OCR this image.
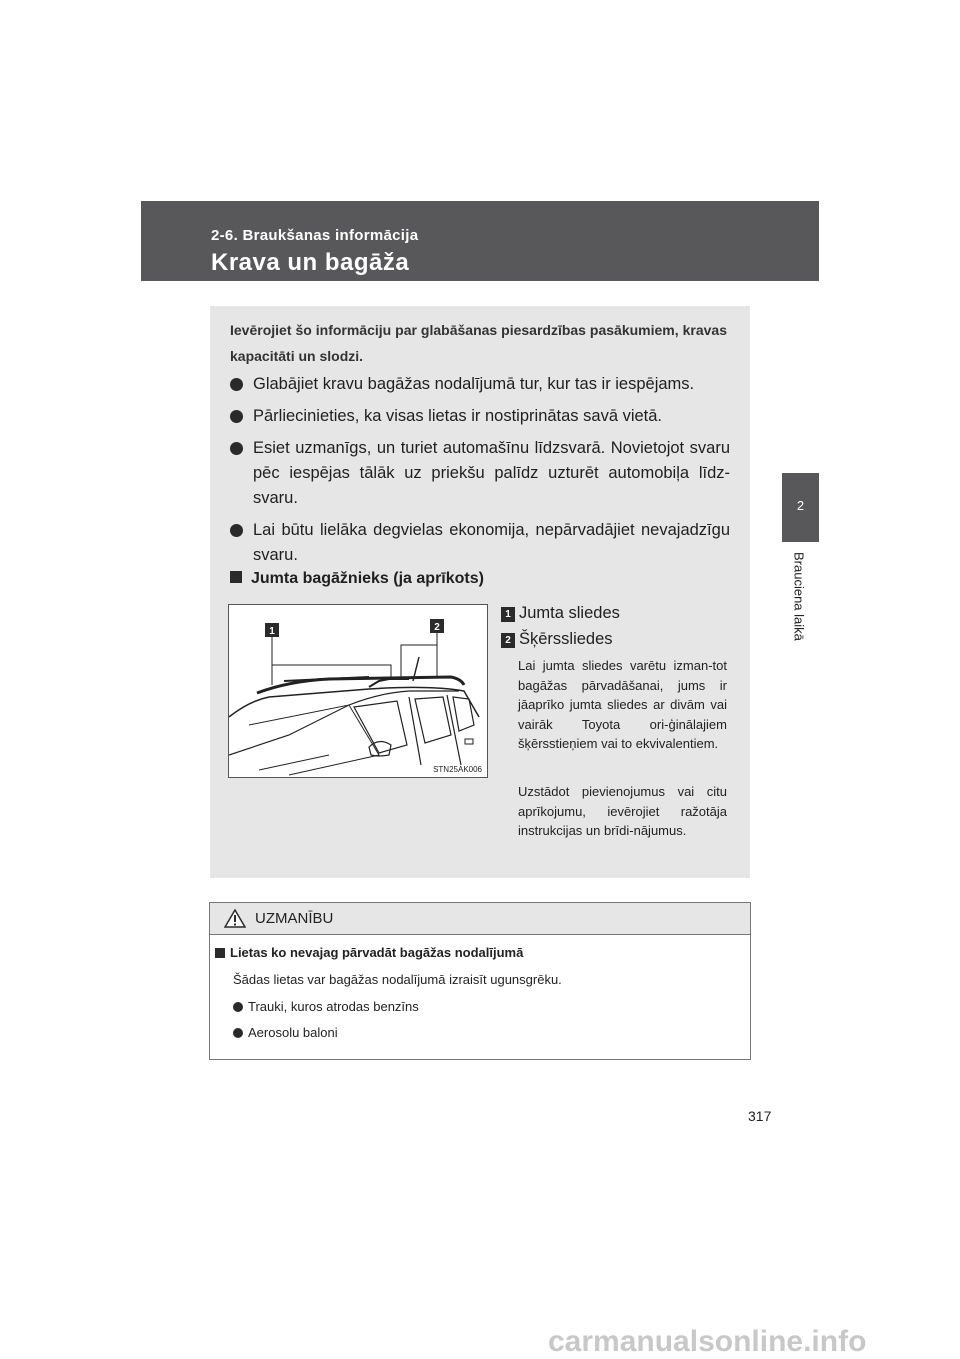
2-6. Braukšanas informācija
Krava un bagāža
2
Brauciena laikā
Ievērojiet šo informāciju par glabāšanas piesardzības pasākumiem, kravas kapacitāti un slodzi.
Glabājiet kravu bagāžas nodalījumā tur, kur tas ir iespējams.
Pārliecinieties, ka visas lietas ir nostiprinātas savā vietā.
Esiet uzmanīgs, un turiet automašīnu līdzsvarā. Novietojot svaru pēc iespējas tālāk uz priekšu palīdz uzturēt automobiļa līdz-svaru.
Lai būtu lielāka degvielas ekonomija, nepārvadājiet nevajadzīgu svaru.
Jumta bagāžnieks (ja aprīkots)
1	2
STN25AK006
1 Jumta sliedes
2 Šķērssliedes
Lai jumta sliedes varētu izman-tot bagāžas pārvadāšanai, jums ir jāaprīko jumta sliedes ar divām vai vairāk Toyota ori-ģinālajiem šķērsstieņiem vai to ekvivalentiem.
Uzstādot pievienojumus vai citu aprīkojumu, ievērojiet ražotāja instrukcijas un brīdi-nājumus.
UZMANĪBU
Lietas ko nevajag pārvadāt bagāžas nodalījumā
Šādas lietas var bagāžas nodalījumā izraisīt ugunsgrēku.
Trauki, kuros atrodas benzīns
Aerosolu baloni
317
carmanualsonline.info
